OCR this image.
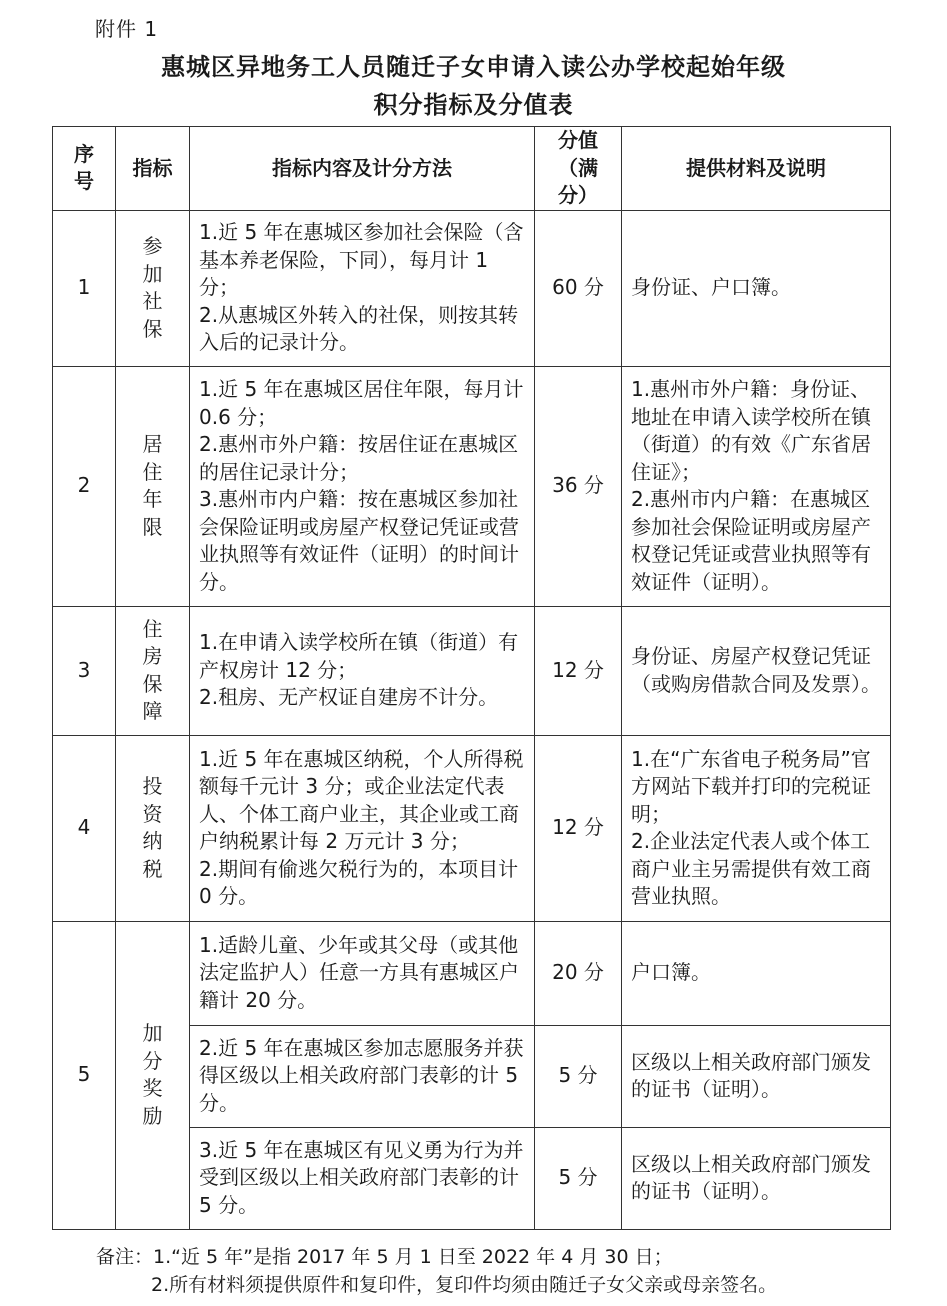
附件 1
惠城区异地务工人员随迁子女申请入读公办学校起始年级
积分指标及分值表
序号	指标	指标内容及计分方法	分值（满分）	提供材料及说明
1	参加社保	1.近 5 年在惠城区参加社会保险（含基本养老保险，下同），每月计 1 分；
2.从惠城区外转入的社保，则按其转入后的记录计分。	60 分	身份证、户口簿。

2	居住年限	1.近 5 年在惠城区居住年限，每月计 0.6 分；
2.惠州市外户籍：按居住证在惠城区的居住记录计分；
3.惠州市内户籍：按在惠城区参加社会保险证明或房屋产权登记凭证或营业执照等有效证件（证明）的时间计分。	36 分	1.惠州市外户籍：身份证、地址在申请入读学校所在镇（街道）的有效《广东省居住证》；
2.惠州市内户籍：在惠城区参加社会保险证明或房屋产权登记凭证或营业执照等有效证件（证明）。

3	住房保障	1.在申请入读学校所在镇（街道）有产权房计 12 分；
2.租房、无产权证自建房不计分。	12 分	身份证、房屋产权登记凭证（或购房借款合同及发票）。

4	投资纳税	1.近 5 年在惠城区纳税，个人所得税额每千元计 3 分；或企业法定代表人、个体工商户业主，其企业或工商户纳税累计每 2 万元计 3 分；
2.期间有偷逃欠税行为的，本项目计 0 分。	12 分	1.在“广东省电子税务局”官方网站下载并打印的完税证明；
2.企业法定代表人或个体工商户业主另需提供有效工商营业执照。

5	加分奖励	1.适龄儿童、少年或其父母（或其他法定监护人）任意一方具有惠城区户籍计 20 分。	20 分	户口簿。

		2.近 5 年在惠城区参加志愿服务并获得区级以上相关政府部门表彰的计 5 分。	5 分	区级以上相关政府部门颁发的证书（证明）。

		3.近 5 年在惠城区有见义勇为行为并受到区级以上相关政府部门表彰的计 5 分。	5 分	区级以上相关政府部门颁发的证书（证明）。
备注：1.“近 5 年”是指 2017 年 5 月 1 日至 2022 年 4 月 30 日；
2.所有材料须提供原件和复印件，复印件均须由随迁子女父亲或母亲签名。
